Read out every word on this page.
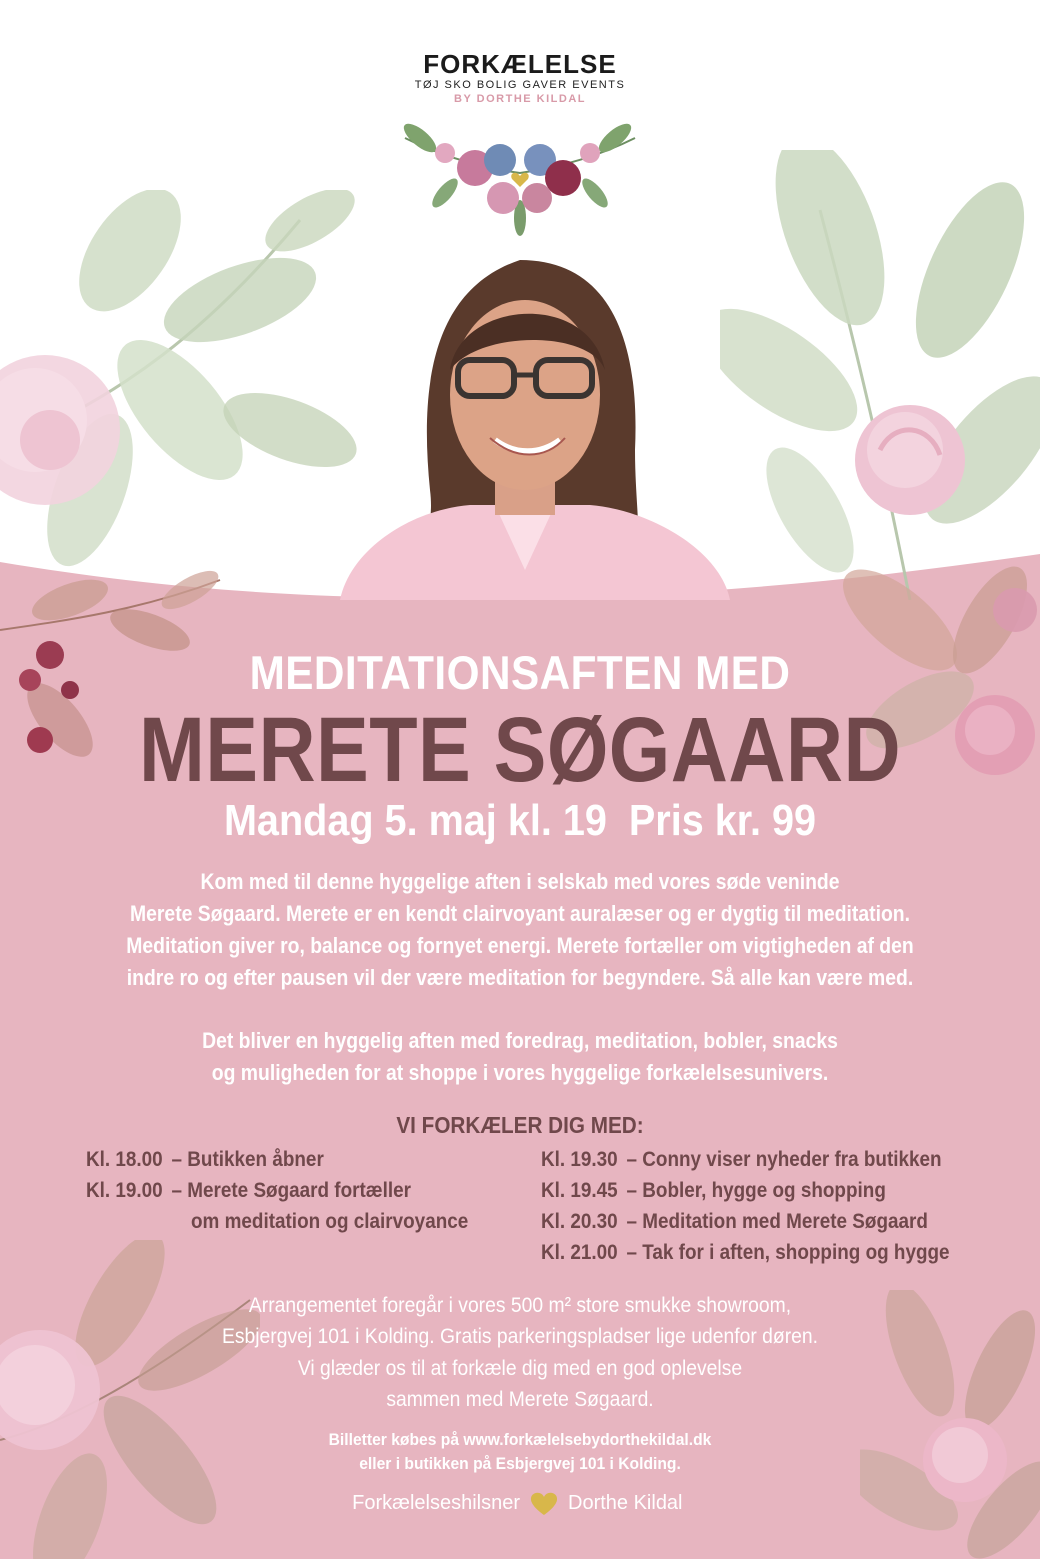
FORKÆLELSE
TØJ SKO BOLIG GAVER EVENTS
BY DORTHE KILDAL
MEDITATIONSAFTEN MED
MERETE SØGAARD
Mandag 5. maj kl. 19  Pris kr. 99
Kom med til denne hyggelige aften i selskab med vores søde veninde
Merete Søgaard. Merete er en kendt clairvoyant auralæser og er dygtig til meditation.
Meditation giver ro, balance og fornyet energi. Merete fortæller om vigtigheden af den
indre ro og efter pausen vil der være meditation for begyndere. Så alle kan være med.
Det bliver en hyggelig aften med foredrag, meditation, bobler, snacks
og muligheden for at shoppe i vores hyggelige forkælelsesunivers.
VI FORKÆLER DIG MED:
Kl. 18.00 – Butikken åbner
Kl. 19.00 – Merete Søgaard fortæller
om meditation og clairvoyance
Kl. 19.30 – Conny viser nyheder fra butikken
Kl. 19.45 – Bobler, hygge og shopping
Kl. 20.30 – Meditation med Merete Søgaard
Kl. 21.00 – Tak for i aften, shopping og hygge
Arrangementet foregår i vores 500 m² store smukke showroom,
Esbjergvej 101 i Kolding. Gratis parkeringspladser lige udenfor døren.
Vi glæder os til at forkæle dig med en god oplevelse
sammen med Merete Søgaard.
Billetter købes på www.forkælelsebydorthekildal.dk
eller i butikken på Esbjergvej 101 i Kolding.
Forkælelseshilsner Dorthe Kildal
